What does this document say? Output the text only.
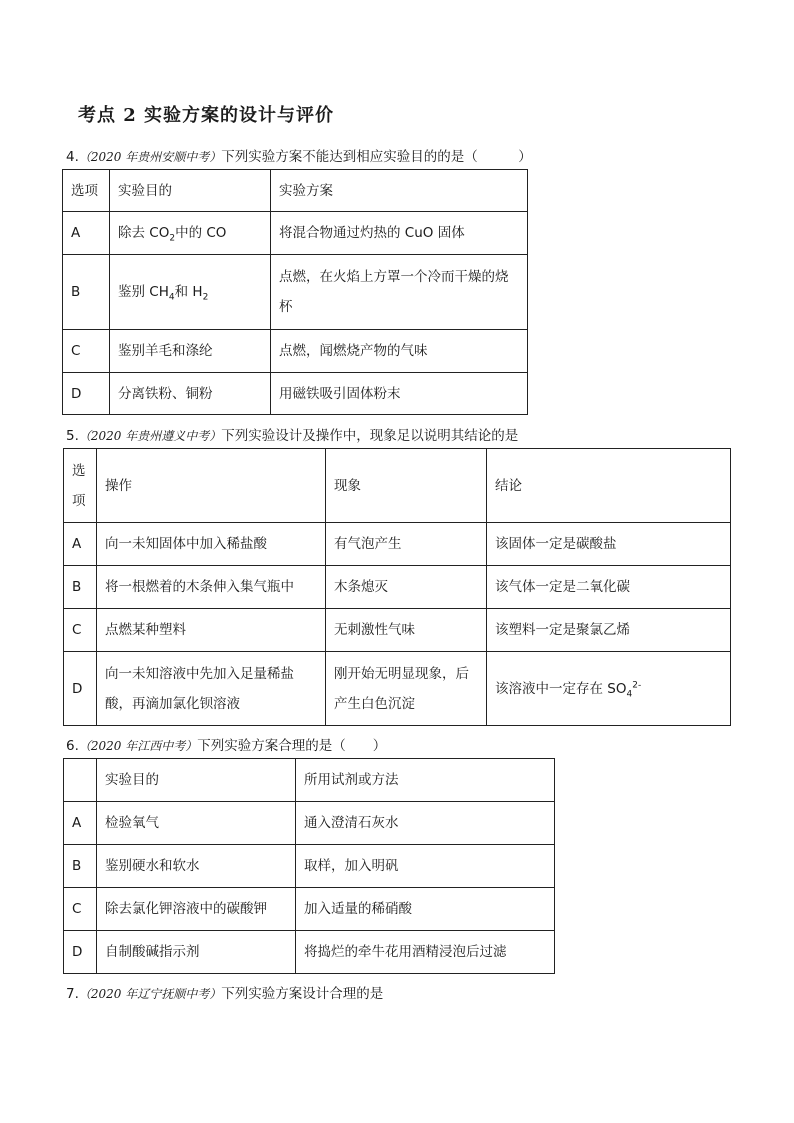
考点 2 实验方案的设计与评价
4.（2020 年贵州安顺中考）下列实验方案不能达到相应实验目的的是（　　　）
选项	实验目的	实验方案
A	除去 $CO_2$中的 CO	将混合物通过灼热的 CuO 固体
B	鉴别 $CH_4$和 $H_2$	点燃，在火焰上方罩一个冷而干燥的烧杯
C	鉴别羊毛和涤纶	点燃，闻燃烧产物的气味
D	分离铁粉、铜粉	用磁铁吸引固体粉末
5.（2020 年贵州遵义中考）下列实验设计及操作中，现象足以说明其结论的是
选项	操作	现象	结论
A	向一未知固体中加入稀盐酸	有气泡产生	该固体一定是碳酸盐
B	将一根燃着的木条伸入集气瓶中	木条熄灭	该气体一定是二氧化碳
C	点燃某种塑料	无刺激性气味	该塑料一定是聚氯乙烯
D	向一未知溶液中先加入足量稀盐酸，再滴加氯化钡溶液	刚开始无明显现象，后产生白色沉淀	该溶液中一定存在 $SO_4^{2-}$
6.（2020 年江西中考）下列实验方案合理的是（　　）
	实验目的	所用试剂或方法
A	检验氧气	通入澄清石灰水
B	鉴别硬水和软水	取样，加入明矾
C	除去氯化钾溶液中的碳酸钾	加入适量的稀硝酸
D	自制酸碱指示剂	将捣烂的牵牛花用酒精浸泡后过滤
7.（2020 年辽宁抚顺中考）下列实验方案设计合理的是
